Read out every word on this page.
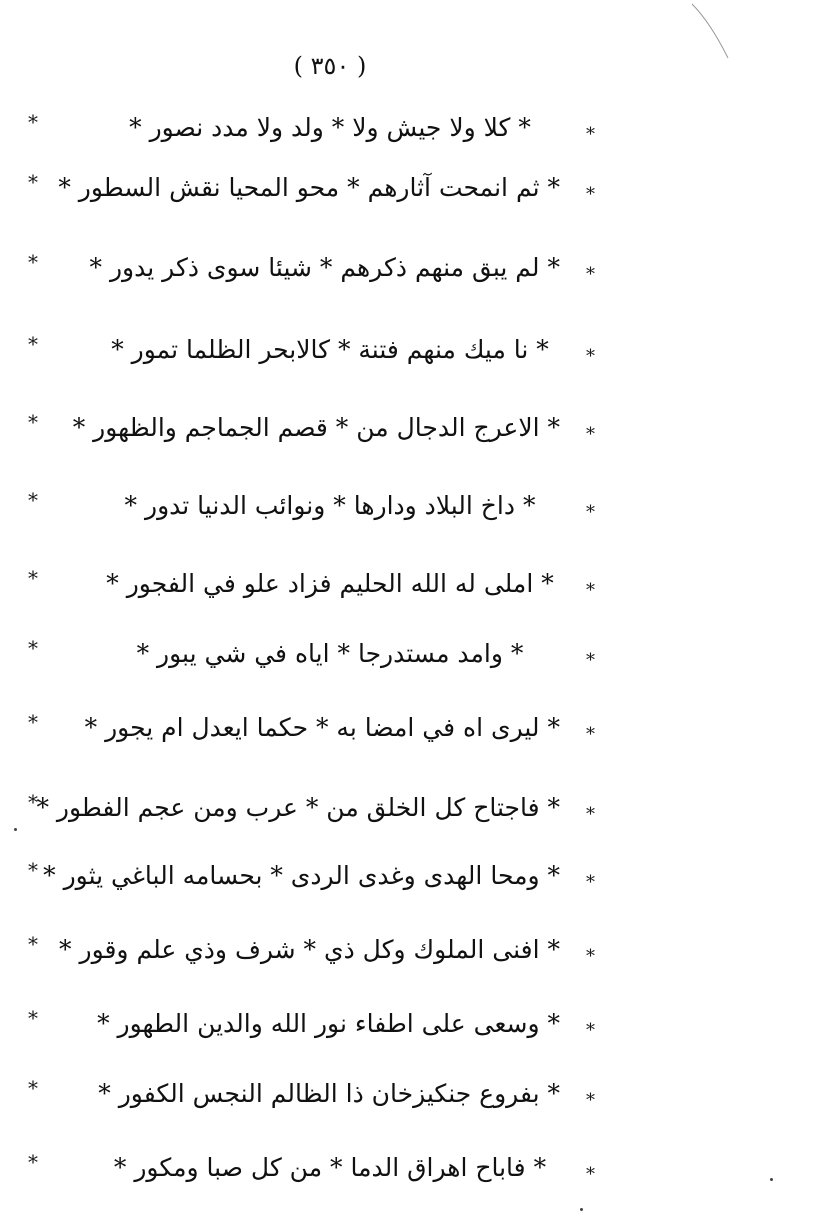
( ٣٥٠ )
*	* كلا ولا جيش ولا * ولد ولا مدد نصور *	*
* * ثم انمحت آثارهم * محو المحيا نقش السطور * *
* * لم يبق منهم ذكرهم * شيئا سوى ذكر يدور * *
*	* نا ميك منهم فتنة * كالابحر الظلما تمور *	*
* * الاعرج الدجال من * قصم الجماجم والظهور * *
*	* داخ البلاد ودارها * ونوائب الدنيا تدور *	*
*	* املى له الله الحليم فزاد علو في الفجور *	*
*	* وامد مستدرجا * اياه في شي يبور *	*
* * ليرى اه في امضا به * حكما ايعدل ام يجور * *
*
* فاجتاح كل الخلق من * عرب ومن عجم الفطور * *
* * ومحا الهدى وغدى الردى * بحسامه الباغي يثور * *
* * افنى الملوك وكل ذي * شرف وذي علم وقور * *
* * وسعى على اطفاء نور الله والدين الطهور * *
* * بفروع جنكيزخان ذا الظالم النجس الكفور * *
*	* فاباح اهراق الدما * من كل صبا ومكور *	*
